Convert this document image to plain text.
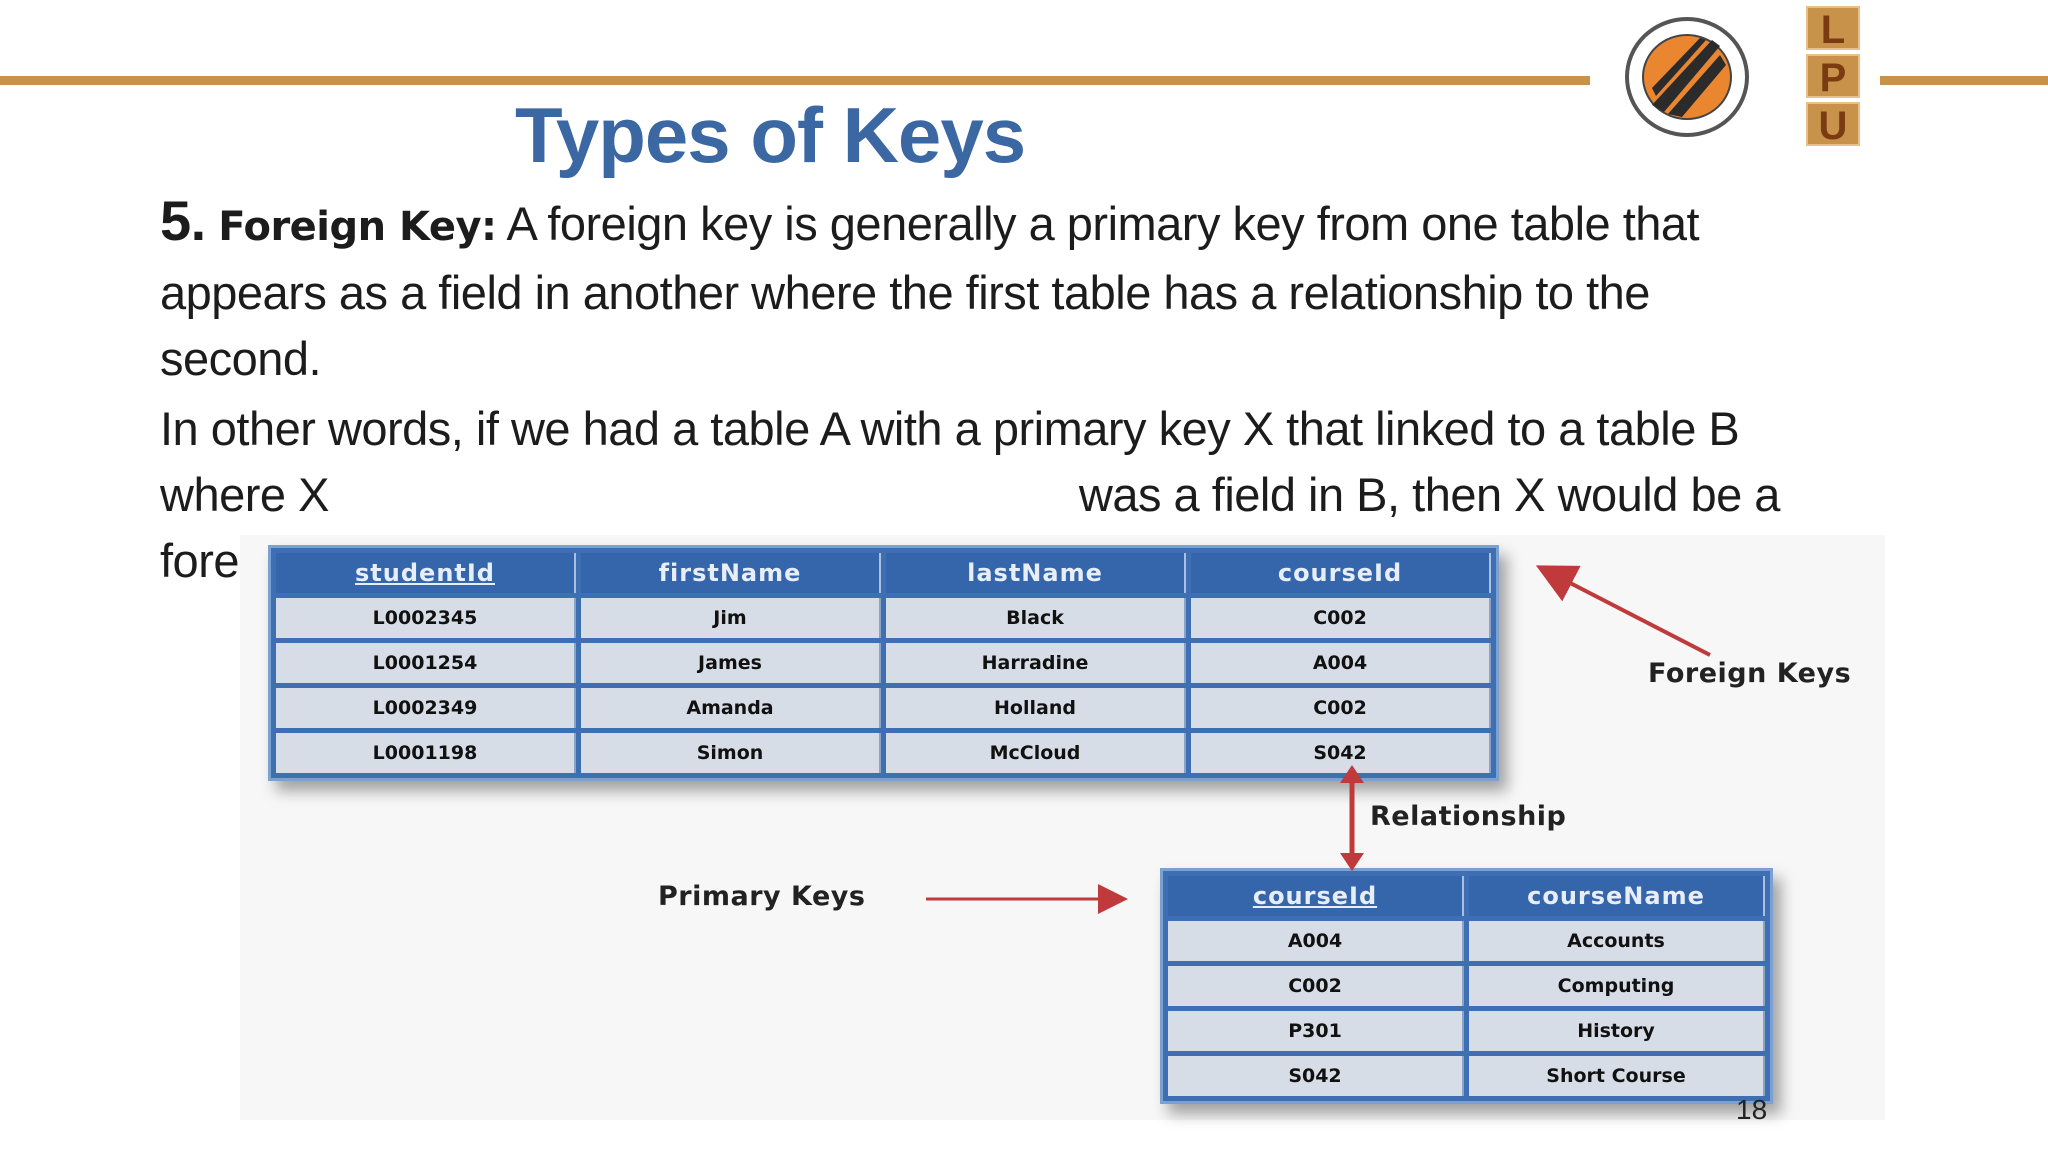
L
P
U
Types of Keys
5. Foreign Key: A foreign key is generally a primary key from one table that
appears as a field in another where the first table has a relationship to the
second.
In other words, if we had a table A with a primary key X that linked to a table B
where X	was a field in B, then X would be a
fore	studentId	firstName	lastName	courseId
L0002345	Jim	Black	C002
L0001254	James	Harradine	A004
L0002349	Amanda	Holland	C002
L0001198	Simon	McCloud	S042
courseId	courseName
A004	Accounts
C002	Computing
P301	History
S042	Short Course
Foreign Keys
Relationship
Primary Keys
18
